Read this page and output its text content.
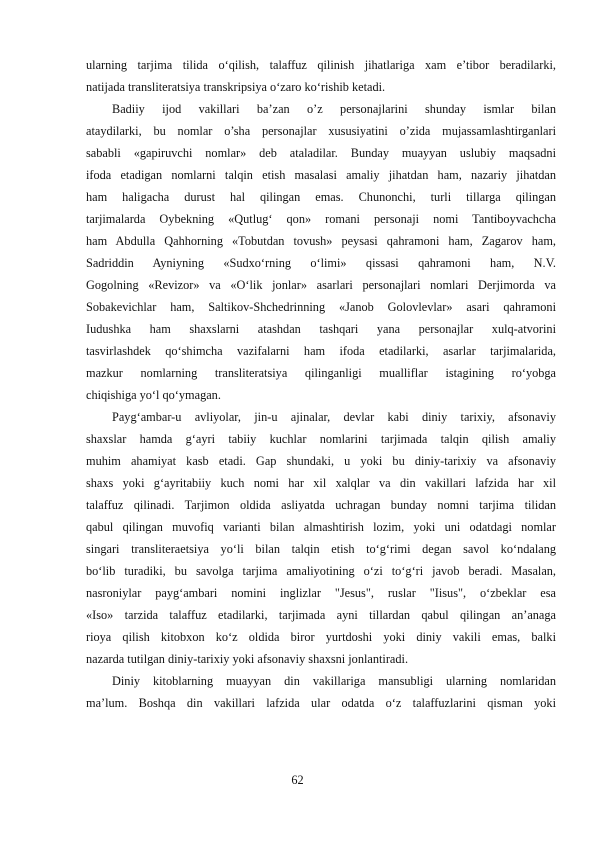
ularning tarjima tilida o‘qilish, talaffuz qilinish jihatlariga xam e’tibor beradilarki,
natijada transliteratsiya transkripsiya o‘zaro ko‘rishib ketadi.
Badiiy ijod vakillari ba’zan o’z personajlarini shunday ismlar bilan
ataydilarki, bu nomlar o’sha personajlar xususiyatini o’zida mujassamlashtirganlari
sababli «gapiruvchi nomlar» deb ataladilar. Bunday muayyan uslubiy maqsadni
ifoda etadigan nomlarni talqin etish masalasi amaliy jihatdan ham, nazariy jihatdan
ham haligacha durust hal qilingan emas. Chunonchi, turli tillarga qilingan
tarjimalarda Oybekning «Qutlug‘ qon» romani personaji nomi Tantiboyvachcha
ham Abdulla Qahhorning «Tobutdan tovush» peysasi qahramoni ham, Zagarov ham,
Sadriddin Ayniyning «Sudxo‘rning o‘limi» qissasi qahramoni ham, N.V.
Gogolning «Revizor» va «O‘lik jonlar» asarlari personajlari nomlari Derjimorda va
Sobakevichlar ham, Saltikov-Shchedrinning «Janob Golovlevlar» asari qahramoni
Iudushka ham shaxslarni atashdan tashqari yana personajlar xulq-atvorini
tasvirlashdek qo‘shimcha vazifalarni ham ifoda etadilarki, asarlar tarjimalarida,
mazkur nomlarning transliteratsiya qilinganligi mualliflar istagining ro‘yobga
chiqishiga yo‘l qo‘ymagan.
Payg‘ambar-u avliyolar, jin-u ajinalar, devlar kabi diniy tarixiy, afsonaviy
shaxslar hamda g‘ayri tabiiy kuchlar nomlarini tarjimada talqin qilish amaliy
muhim ahamiyat kasb etadi. Gap shundaki, u yoki bu diniy-tarixiy va afsonaviy
shaxs yoki g‘ayritabiiy kuch nomi har xil xalqlar va din vakillari lafzida har xil
talaffuz qilinadi. Tarjimon oldida asliyatda uchragan bunday nomni tarjima tilidan
qabul qilingan muvofiq varianti bilan almashtirish lozim, yoki uni odatdagi nomlar
singari transliteraetsiya yo‘li bilan talqin etish to‘g‘rimi degan savol ko‘ndalang
bo‘lib turadiki, bu savolga tarjima amaliyotining o‘zi to‘g‘ri javob beradi. Masalan,
nasroniylar payg‘ambari nomini inglizlar "Jesus", ruslar "Iisus", o‘zbeklar esa
«Iso» tarzida talaffuz etadilarki, tarjimada ayni tillardan qabul qilingan an’anaga
rioya qilish kitobxon ko‘z oldida biror yurtdoshi yoki diniy vakili emas, balki
nazarda tutilgan diniy-tarixiy yoki afsonaviy shaxsni jonlantiradi.
Diniy kitoblarning muayyan din vakillariga mansubligi ularning nomlaridan
ma’lum. Boshqa din vakillari lafzida ular odatda o‘z talaffuzlarini qisman yoki
62
